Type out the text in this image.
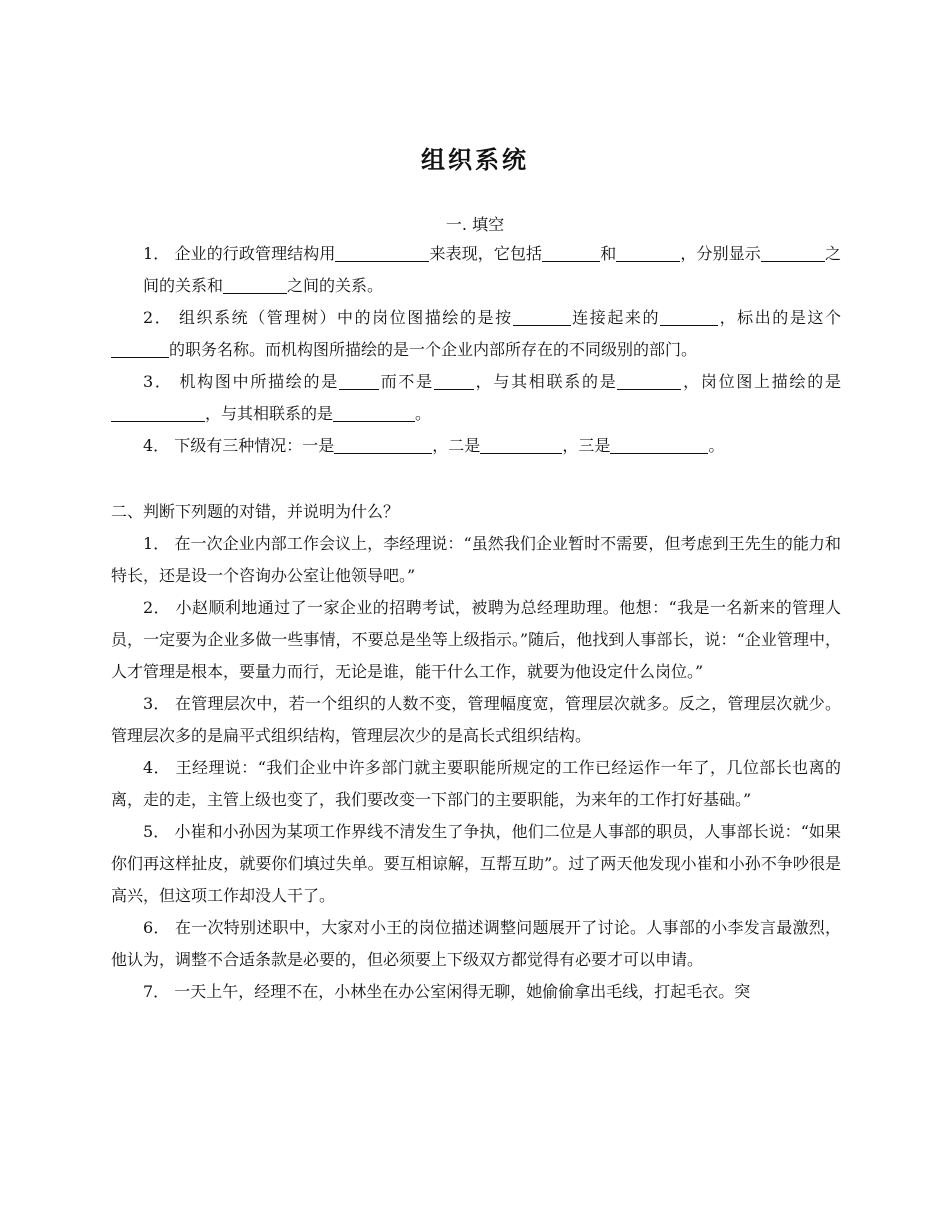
组织系统
一. 填空

1． 企业的行政管理结构用	来表现，它包括	和	，分别显示	之间的关系和	之间的关系。

2． 组织系统（管理树）中的岗位图描绘的是按	连接起来的	，标出的是这个的职务名称。而机构图所描绘的是一个企业内部所存在的不同级别的部门。

3． 机构图中所描绘的是	而不是	，与其相联系的是	，岗位图上描绘的是，与其相联系的是	。

4． 下级有三种情况：一是	，二是	，三是	。

二、判断下列题的对错，并说明为什么？

1． 在一次企业内部工作会议上，李经理说：“虽然我们企业暂时不需要，但考虑到王先生的能力和特长，还是设一个咨询办公室让他领导吧。”

2． 小赵顺利地通过了一家企业的招聘考试，被聘为总经理助理。他想：“我是一名新来的管理人员，一定要为企业多做一些事情，不要总是坐等上级指示。”随后，他找到人事部长，说：“企业管理中，人才管理是根本，要量力而行，无论是谁，能干什么工作，就要为他设定什么岗位。”

3． 在管理层次中，若一个组织的人数不变，管理幅度宽，管理层次就多。反之，管理层次就少。管理层次多的是扁平式组织结构，管理层次少的是高长式组织结构。

4． 王经理说：“我们企业中许多部门就主要职能所规定的工作已经运作一年了，几位部长也离的离，走的走，主管上级也变了，我们要改变一下部门的主要职能，为来年的工作打好基础。”

5． 小崔和小孙因为某项工作界线不清发生了争执，他们二位是人事部的职员，人事部长说：“如果你们再这样扯皮，就要你们填过失单。要互相谅解，互帮互助”。过了两天他发现小崔和小孙不争吵很是高兴，但这项工作却没人干了。

6． 在一次特别述职中，大家对小王的岗位描述调整问题展开了讨论。人事部的小李发言最激烈，他认为，调整不合适条款是必要的，但必须要上下级双方都觉得有必要才可以申请。

7． 一天上午，经理不在，小林坐在办公室闲得无聊，她偷偷拿出毛线，打起毛衣。突
